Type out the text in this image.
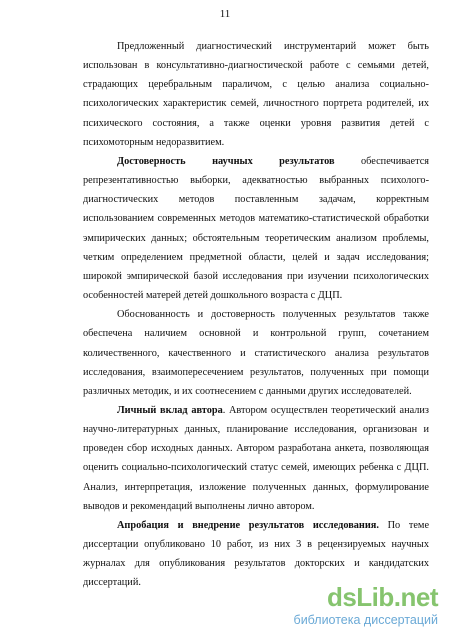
11

Предложенный диагностический инструментарий может быть использован в консультативно-диагностической работе с семьями детей, страдающих церебральным параличом, с целью анализа социально-психологических характеристик семей, личностного портрета родителей, их психического состояния, а также оценки уровня развития детей с психомоторным недоразвитием.

Достоверность научных результатов обеспечивается репрезентативностью выборки, адекватностью выбранных психолого-диагностических методов поставленным задачам, корректным использованием современных методов математико-статистической обработки эмпирических данных; обстоятельным теоретическим анализом проблемы, четким определением предметной области, целей и задач исследования; широкой эмпирической базой исследования при изучении психологических особенностей матерей детей дошкольного возраста с ДЦП.

Обоснованность и достоверность полученных результатов также обеспечена наличием основной и контрольной групп, сочетанием количественного, качественного и статистического анализа результатов исследования, взаимопересечением результатов, полученных при помощи различных методик, и их соотнесением с данными других исследователей.

Личный вклад автора. Автором осуществлен теоретический анализ научно-литературных данных, планирование исследования, организован и проведен сбор исходных данных. Автором разработана анкета, позволяющая оценить социально-психологический статус семей, имеющих ребенка с ДЦП. Анализ, интерпретация, изложение полученных данных, формулирование выводов и рекомендаций выполнены лично автором.

Апробация и внедрение результатов исследования. По теме диссертации опубликовано 10 работ, из них 3 в рецензируемых научных журналах для опубликования результатов докторских и кандидатских диссертаций.	dsLib.net
библиотека диссертаций
